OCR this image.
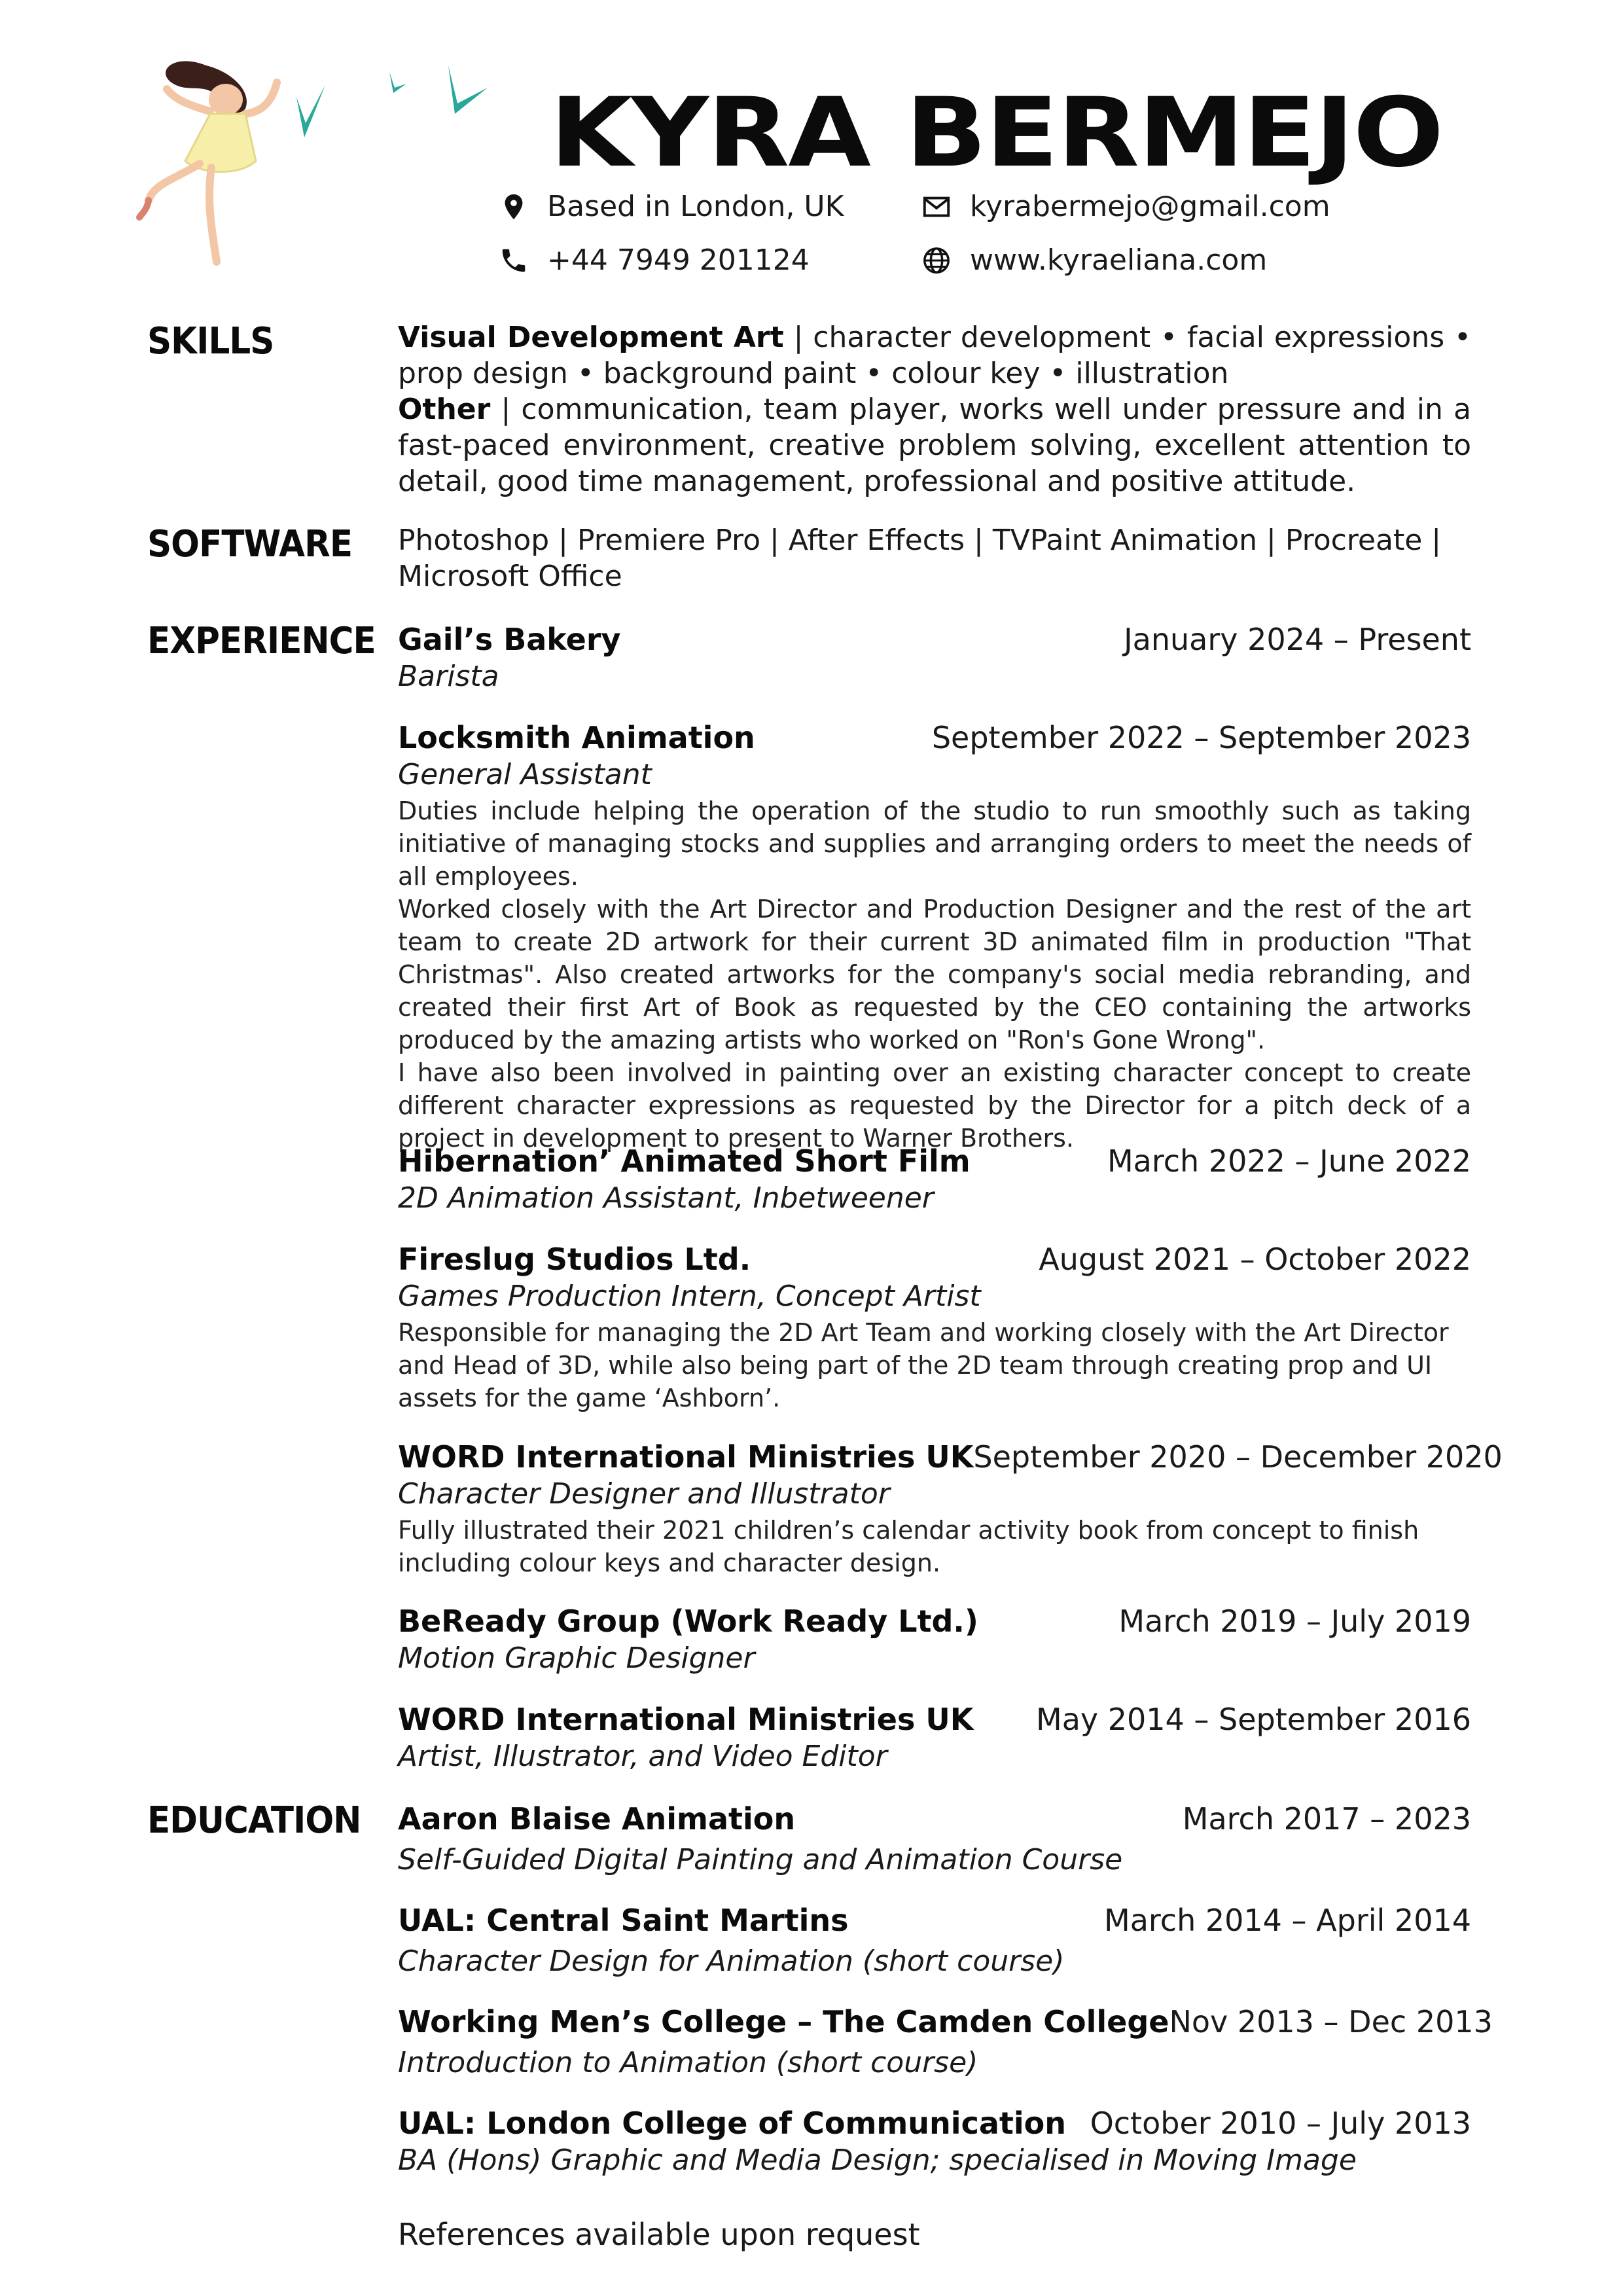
KYRA BERMEJO
Based in London, UK
+44 7949 201124
kyrabermejo@gmail.com
www.kyraeliana.com
SKILLS	Visual Development Art | character development • facial expressions • prop design • background paint • colour key • illustration
Other | communication, team player, works well under pressure and in a fast-paced environment, creative problem solving, excellent attention to detail, good time management, professional and positive attitude.
SOFTWARE Photoshop | Premiere Pro | After Effects | TVPaint Animation | Procreate | Microsoft Office
EXPERIENCE Gail’s Bakery	January 2024 – Present
Barista
Locksmith Animation	September 2022 – September 2023
General Assistant

Duties include helping the operation of the studio to run smoothly such as taking initiative of managing stocks and supplies and arranging orders to meet the needs of all employees.

Worked closely with the Art Director and Production Designer and the rest of the art team to create 2D artwork for their current 3D animated film in production "That Christmas". Also created artworks for the company's social media rebranding, and created their first Art of Book as requested by the CEO containing the artworks produced by the amazing artists who worked on "Ron's Gone Wrong".

I have also been involved in painting over an existing character concept to create different character expressions as requested by the Director for a pitch deck of a project in development to present to Warner Brothers.

Hibernation’ Animated Short Film	March 2022 – June 2022
2D Animation Assistant, Inbetweener
Fireslug Studios Ltd.	August 2021 – October 2022
Games Production Intern, Concept Artist

Responsible for managing the 2D Art Team and working closely with the Art Director and Head of 3D, while also being part of the 2D team through creating prop and UI assets for the game ‘Ashborn’.

WORD International Ministries UK September 2020 – December 2020
Character Designer and Illustrator

Fully illustrated their 2021 children’s calendar activity book from concept to finish including colour keys and character design.

BeReady Group (Work Ready Ltd.)	March 2019 – July 2019
Motion Graphic Designer
WORD International Ministries UK May 2014 – September 2016
Artist, Illustrator, and Video Editor
EDUCATION Aaron Blaise Animation	March 2017 – 2023
Self-Guided Digital Painting and Animation Course
UAL: Central Saint Martins	March 2014 – April 2014
Character Design for Animation (short course)
Working Men’s College – The Camden College Nov 2013 – Dec 2013
Introduction to Animation (short course)
UAL: London College of Communication October 2010 – July 2013
BA (Hons) Graphic and Media Design; specialised in Moving Image
References available upon request
